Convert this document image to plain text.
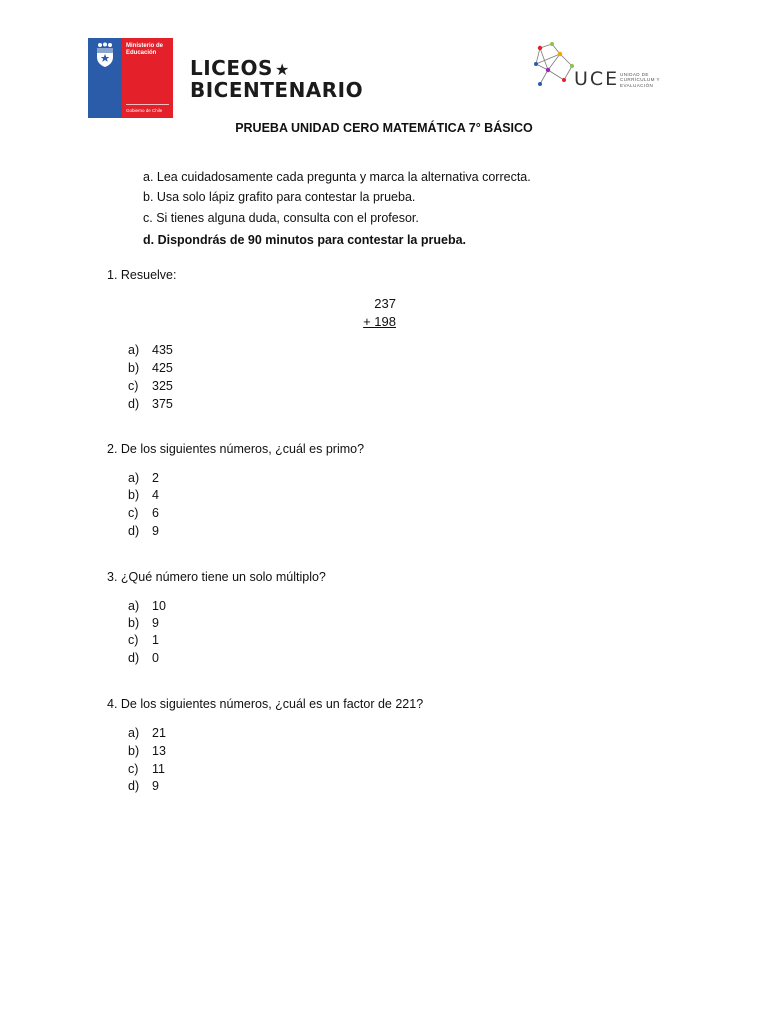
Ministerio de Educación
Gobierno de Chile
LICEOS ★
BICENTENARIO	UCE UNIDAD DE
CURRÍCULUM Y
EVALUACIÓN
PRUEBA UNIDAD CERO MATEMÁTICA 7° BÁSICO
a. Lea cuidadosamente cada pregunta y marca la alternativa correcta.
b. Usa solo lápiz grafito para contestar la prueba.
c. Si tienes alguna duda, consulta con el profesor.
d. Dispondrás de 90 minutos para contestar la prueba.
1. Resuelve:
237
+ 198
a)	435
b)	425
c)	325
d)	375
2. De los siguientes números, ¿cuál es primo?
a)	2
b)	4
c)	6
d)	9
3. ¿Qué número tiene un solo múltiplo?
a)	10
b)	9
c)	1
d)	0
4. De los siguientes números, ¿cuál es un factor de 221?
a)	21
b)	13
c)	11
d)	9
